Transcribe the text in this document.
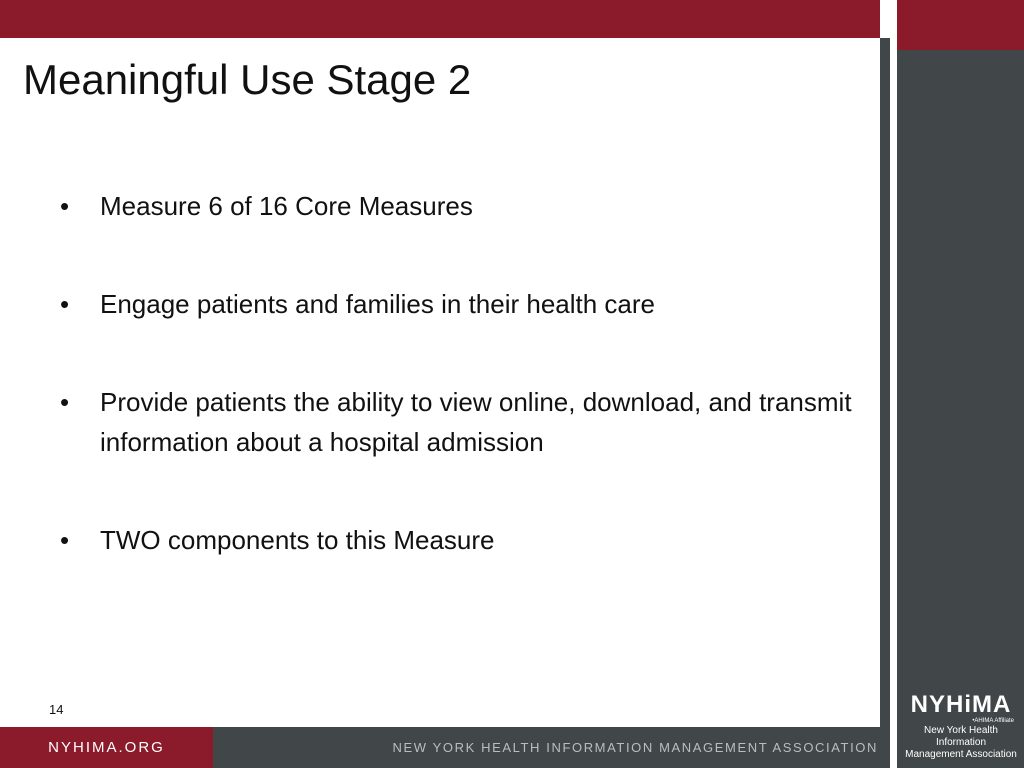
Meaningful Use Stage 2
• Measure 6 of 16 Core Measures
• Engage patients and families in their health care
• Provide patients the ability to view online, download, and transmit information about a hospital admission
• TWO components to this Measure
14
NYHIMA.ORG	NEW YORK HEALTH INFORMATION MANAGEMENT ASSOCIATION
NYHiMA
•AHIMA Affiliate
New York Health Information
Management Association
